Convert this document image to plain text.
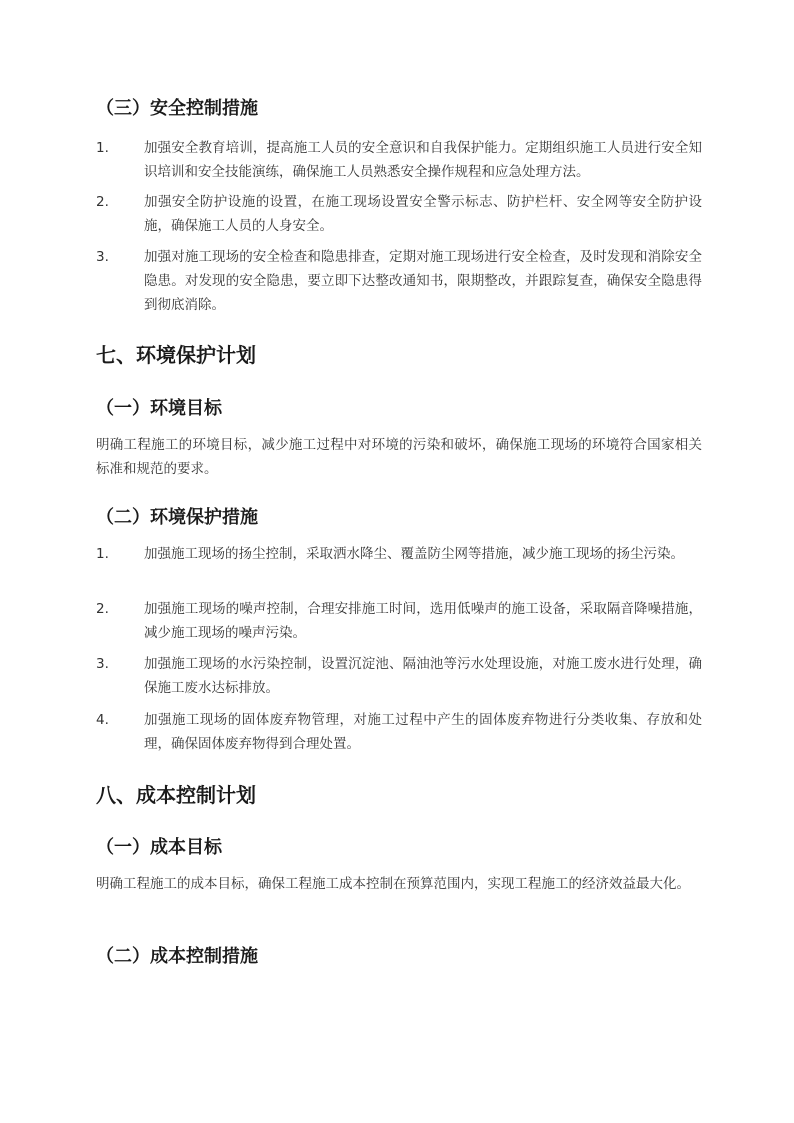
（三）安全控制措施
1.	加强安全教育培训，提高施工人员的安全意识和自我保护能力。定期组织施工人员进行安全知识培训和安全技能演练，确保施工人员熟悉安全操作规程和应急处理方法。
2.	加强安全防护设施的设置，在施工现场设置安全警示标志、防护栏杆、安全网等安全防护设施，确保施工人员的人身安全。
3.	加强对施工现场的安全检查和隐患排查，定期对施工现场进行安全检查，及时发现和消除安全隐患。对发现的安全隐患，要立即下达整改通知书，限期整改，并跟踪复查，确保安全隐患得到彻底消除。
七、环境保护计划
（一）环境目标
明确工程施工的环境目标，减少施工过程中对环境的污染和破坏，确保施工现场的环境符合国家相关标准和规范的要求。
（二）环境保护措施
1.	加强施工现场的扬尘控制，采取洒水降尘、覆盖防尘网等措施，减少施工现场的扬尘污染。
2.	加强施工现场的噪声控制，合理安排施工时间，选用低噪声的施工设备，采取隔音降噪措施，减少施工现场的噪声污染。
3.	加强施工现场的水污染控制，设置沉淀池、隔油池等污水处理设施，对施工废水进行处理，确保施工废水达标排放。
4.	加强施工现场的固体废弃物管理，对施工过程中产生的固体废弃物进行分类收集、存放和处理，确保固体废弃物得到合理处置。
八、成本控制计划
（一）成本目标
明确工程施工的成本目标，确保工程施工成本控制在预算范围内，实现工程施工的经济效益最大化。
（二）成本控制措施
